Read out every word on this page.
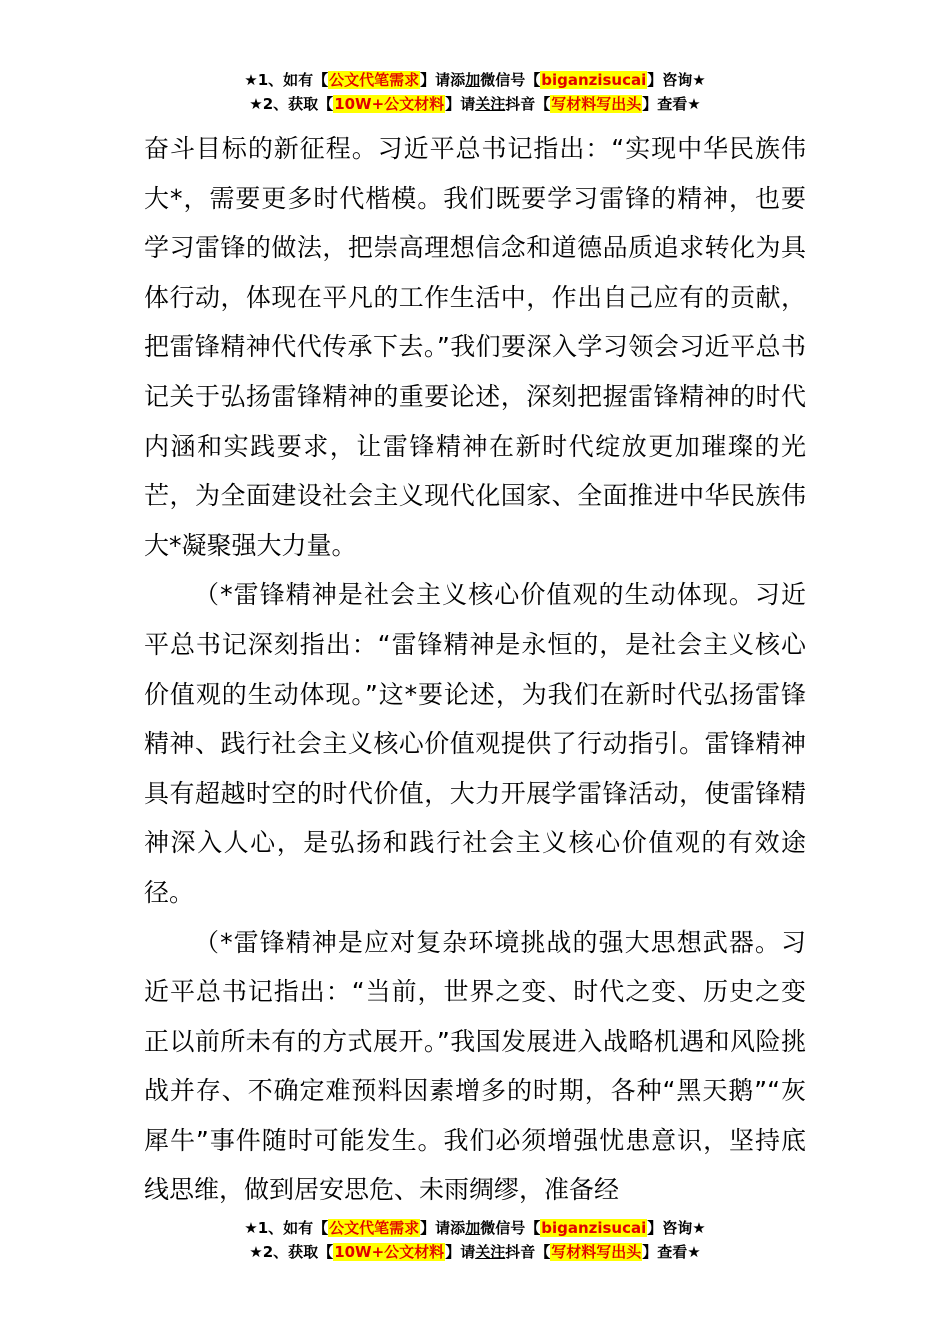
★1、如有【公文代笔需求】请添加微信号【biganzisucai】咨询★
★2、获取【10W+公文材料】请关注抖音【写材料写出头】查看★

奋斗目标的新征程。习近平总书记指出：“实现中华民族伟大*，需要更多时代楷模。我们既要学习雷锋的精神，也要学习雷锋的做法，把崇高理想信念和道德品质追求转化为具体行动，体现在平凡的工作生活中，作出自己应有的贡献，把雷锋精神代代传承下去。”我们要深入学习领会习近平总书记关于弘扬雷锋精神的重要论述，深刻把握雷锋精神的时代内涵和实践要求，让雷锋精神在新时代绽放更加璀璨的光芒，为全面建设社会主义现代化国家、全面推进中华民族伟大*凝聚强大力量。

（*雷锋精神是社会主义核心价值观的生动体现。习近平总书记深刻指出：“雷锋精神是永恒的，是社会主义核心价值观的生动体现。”这*要论述，为我们在新时代弘扬雷锋精神、践行社会主义核心价值观提供了行动指引。雷锋精神具有超越时空的时代价值，大力开展学雷锋活动，使雷锋精神深入人心，是弘扬和践行社会主义核心价值观的有效途径。

（*雷锋精神是应对复杂环境挑战的强大思想武器。习近平总书记指出：“当前，世界之变、时代之变、历史之变正以前所未有的方式展开。”我国发展进入战略机遇和风险挑战并存、不确定难预料因素增多的时期，各种“黑天鹅”“灰犀牛”事件随时可能发生。我们必须增强忧患意识，坚持底线思维，做到居安思危、未雨绸缪，准备经

★1、如有【公文代笔需求】请添加微信号【biganzisucai】咨询★
★2、获取【10W+公文材料】请关注抖音【写材料写出头】查看★
